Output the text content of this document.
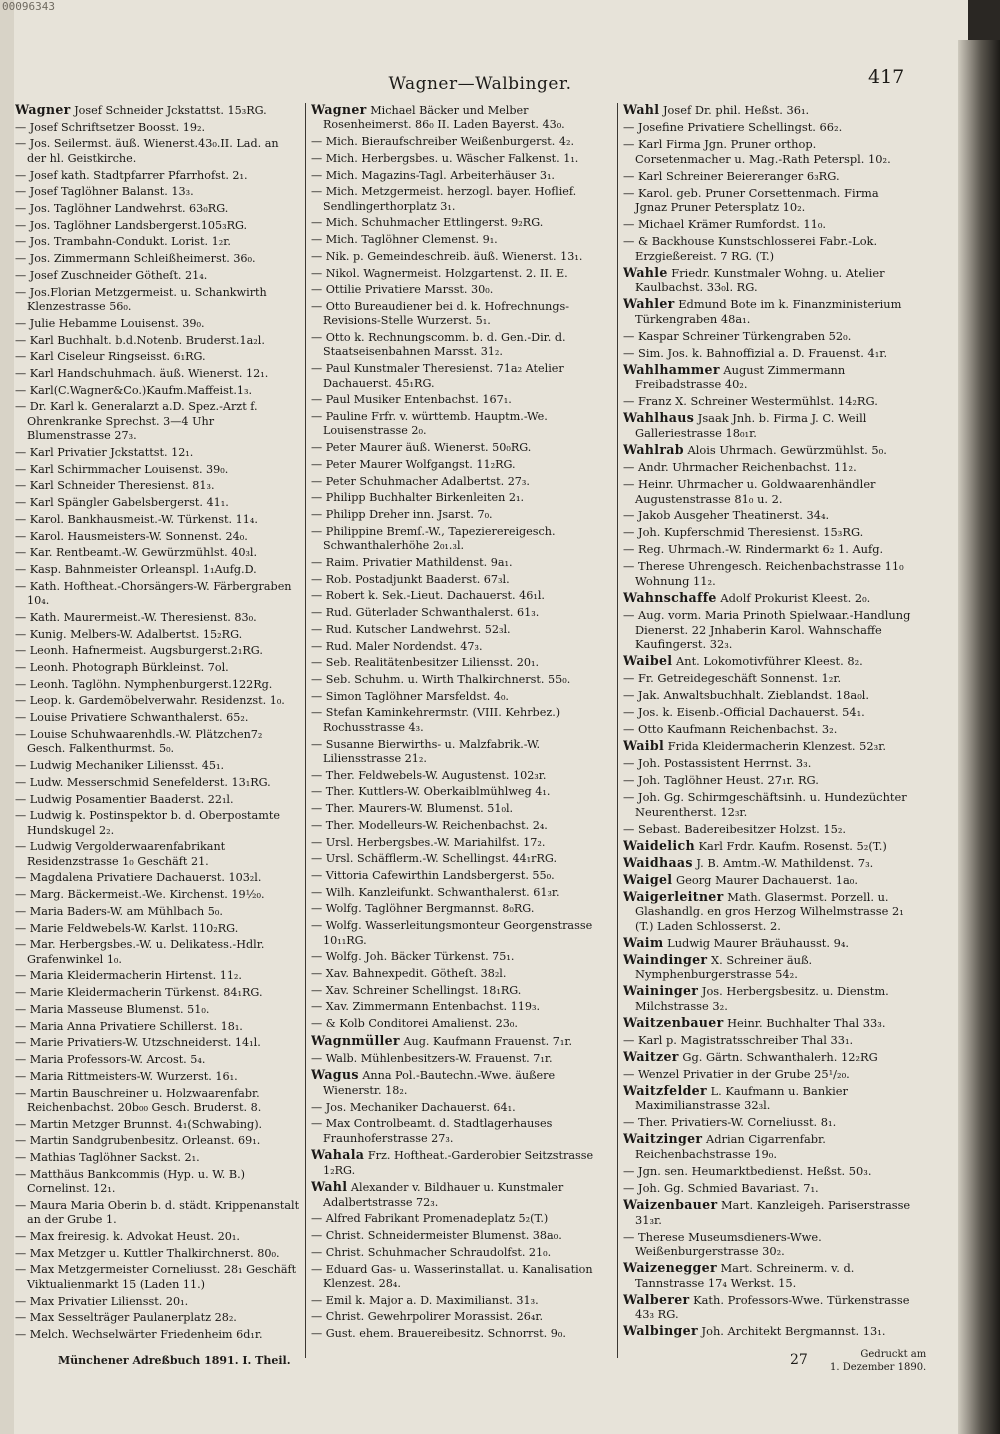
00096343
Wagner—Walbinger.	417
Wagner Josef Schneider Jckstattst. 15₃RG.
— Josef Schriftsetzer Boosst. 19₂.
— Jos. Seilermst. äuß. Wienerst.43₀.II. Lad. an der hl. Geistkirche.
— Josef kath. Stadtpfarrer Pfarrhofst. 2₁.
— Josef Taglöhner Balanst. 13₃.
— Jos. Taglöhner Landwehrst. 63₀RG.
— Jos. Taglöhner Landsbergerst.105₃RG.
— Jos. Trambahn-Condukt. Lorist. 1₂r.
— Jos. Zimmermann Schleißheimerst. 36₀.
— Josef Zuschneider Götheſt. 21₄.
— Jos.Florian Metzgermeist. u. Schankwirth Klenzestrasse 56₀.
— Julie Hebamme Louisenst. 39₀.
— Karl Buchhalt. b.d.Notenb. Bruderst.1a₂l.
— Karl Ciseleur Ringseisst. 6₁RG.
— Karl Handschuhmach. äuß. Wienerst. 12₁.
— Karl(C.Wagner&Co.)Kaufm.Maffeist.1₃.
— Dr. Karl k. Generalarzt a.D. Spez.-Arzt f. Ohrenkranke Sprechst. 3—4 Uhr Blumenstrasse 27₃.
— Karl Privatier Jckstattst. 12₁.
— Karl Schirmmacher Louisenst. 39₀.
— Karl Schneider Theresienst. 81₃.
— Karl Spängler Gabelsbergerst. 41₁.
— Karol. Bankhausmeist.-W. Türkenst. 11₄.
— Karol. Hausmeisters-W. Sonnenst. 24₀.
— Kar. Rentbeamt.-W. Gewürzmühlst. 40₃l.
— Kasp. Bahnmeister Orleanspl. 1₁Aufg.D.
— Kath. Hoftheat.-Chorsängers-W. Färbergraben 10₄.
— Kath. Maurermeist.-W. Theresienst. 83₀.
— Kunig. Melbers-W. Adalbertst. 15₂RG.
— Leonh. Hafnermeist. Augsburgerst.2₁RG.
— Leonh. Photograph Bürkleinst. 7ol.
— Leonh. Taglöhn. Nymphenburgerst.122Rg.
— Leop. k. Gardemöbelverwahr. Residenzst. 1₀.
— Louise Privatiere Schwanthalerst. 65₂.
— Louise Schuhwaarenhdls.-W. Plätzchen7₂ Gesch. Falkenthurmst. 5₀.
— Ludwig Mechaniker Liliensst. 45₁.
— Ludw. Messerschmid Senefelderst. 13₁RG.
— Ludwig Posamentier Baaderst. 22₁l.
— Ludwig k. Postinspektor b. d. Oberpostamte Hundskugel 2₂.
— Ludwig Vergolderwaarenfabrikant Residenzstrasse 1₀ Geschäft 21.
— Magdalena Privatiere Dachauerst. 103₂l.
— Marg. Bäckermeist.-We. Kirchenst. 19½₀.
— Maria Baders-W. am Mühlbach 5₀.
— Marie Feldwebels-W. Karlst. 110₂RG.
— Mar. Herbergsbes.-W. u. Delikatess.-Hdlr. Grafenwinkel 1₀.
— Maria Kleidermacherin Hirtenst. 11₂.
— Marie Kleidermacherin Türkenst. 84₁RG.
— Maria Masseuse Blumenst. 51₀.
— Maria Anna Privatiere Schillerst. 18₁.
— Marie Privatiers-W. Utzschneiderst. 14₁l.
— Maria Professors-W. Arcost. 5₄.
— Maria Rittmeisters-W. Wurzerst. 16₁.
— Martin Bauschreiner u. Holzwaarenfabr. Reichenbachst. 20b₀₀ Gesch. Bruderst. 8.
— Martin Metzger Brunnst. 4₁(Schwabing).
— Martin Sandgrubenbesitz. Orleanst. 69₁.
— Mathias Taglöhner Sackst. 2₁.
— Matthäus Bankcommis (Hyp. u. W. B.) Cornelinst. 12₁.
— Maura Maria Oberin b. d. städt. Krippenanstalt an der Grube 1.
— Max freiresig. k. Advokat Heust. 20₁.
— Max Metzger u. Kuttler Thalkirchnerst. 80₀.
— Max Metzgermeister Corneliusst. 28₁ Geschäft Viktualienmarkt 15 (Laden 11.)
— Max Privatier Liliensst. 20₁.
— Max Sesselträger Paulanerplatz 28₂.
— Melch. Wechselwärter Friedenheim 6d₁r.
Wagner Michael Bäcker und Melber Rosenheimerst. 86₀ II. Laden Bayerst. 43₀.
— Mich. Bieraufschreiber Weißenburgerst. 4₂.
— Mich. Herbergsbes. u. Wäscher Falkenst. 1₁.
— Mich. Magazins-Tagl. Arbeiterhäuser 3₁.
— Mich. Metzgermeist. herzogl. bayer. Hoflief. Sendlingerthorplatz 3₁.
— Mich. Schuhmacher Ettlingerst. 9₂RG.
— Mich. Taglöhner Clemenst. 9₁.
— Nik. p. Gemeindeschreib. äuß. Wienerst. 13₁.
— Nikol. Wagnermeist. Holzgartenst. 2. II. E.
— Ottilie Privatiere Marsst. 30₀.
— Otto Bureaudiener bei d. k. Hofrechnungs-Revisions-Stelle Wurzerst. 5₁.
— Otto k. Rechnungscomm. b. d. Gen.-Dir. d. Staatseisenbahnen Marsst. 31₂.
— Paul Kunstmaler Theresienst. 71a₂ Atelier Dachauerst. 45₁RG.
— Paul Musiker Entenbachst. 167₁.
— Pauline Frfr. v. württemb. Hauptm.-We. Louisenstrasse 2₀.
— Peter Maurer äuß. Wienerst. 50₀RG.
— Peter Maurer Wolfgangst. 11₂RG.
— Peter Schuhmacher Adalbertst. 27₃.
— Philipp Buchhalter Birkenleiten 2₁.
— Philipp Dreher inn. Jsarst. 7₀.
— Philippine Bremſ.-W., Tapezierereigesch. Schwanthalerhöhe 2₀₁.₃l.
— Raim. Privatier Mathildenst. 9a₁.
— Rob. Postadjunkt Baaderst. 67₃l.
— Robert k. Sek.-Lieut. Dachauerst. 46₁l.
— Rud. Güterlader Schwanthalerst. 61₃.
— Rud. Kutscher Landwehrst. 52₃l.
— Rud. Maler Nordendst. 47₃.
— Seb. Realitätenbesitzer Liliensst. 20₁.
— Seb. Schuhm. u. Wirth Thalkirchnerst. 55₀.
— Simon Taglöhner Marsfeldst. 4₀.
— Stefan Kaminkehrermstr. (VIII. Kehrbez.) Rochusstrasse 4₃.
— Susanne Bierwirths- u. Malzfabrik.-W. Liliensstrasse 21₂.
— Ther. Feldwebels-W. Augustenst. 102₃r.
— Ther. Kuttlers-W. Oberkaiblmühlweg 4₁.
— Ther. Maurers-W. Blumenst. 51₀l.
— Ther. Modelleurs-W. Reichenbachst. 2₄.
— Ursl. Herbergsbes.-W. Mariahilfst. 17₂.
— Ursl. Schäfflerm.-W. Schellingst. 44₁rRG.
— Vittoria Cafewirthin Landsbergerst. 55₀.
— Wilh. Kanzleifunkt. Schwanthalerst. 61₃r.
— Wolfg. Taglöhner Bergmannst. 8₀RG.
— Wolfg. Wasserleitungsmonteur Georgenstrasse 10₁₁RG.
— Wolfg. Joh. Bäcker Türkenst. 75₁.
— Xav. Bahnexpedit. Götheſt. 38₂l.
— Xav. Schreiner Schellingst. 18₁RG.
— Xav. Zimmermann Entenbachst. 119₃.
— & Kolb Conditorei Amalienst. 23₀.
Wagnmüller Aug. Kaufmann Frauenst. 7₁r.
— Walb. Mühlenbesitzers-W. Frauenst. 7₁r.
Wagus Anna Pol.-Bautechn.-Wwe. äußere Wienerstr. 18₂.
— Jos. Mechaniker Dachauerst. 64₁.
— Max Controlbeamt. d. Stadtlagerhauses Fraunhoferstrasse 27₃.
Wahala Frz. Hoftheat.-Garderobier Seitzstrasse 1₂RG.
Wahl Alexander v. Bildhauer u. Kunstmaler Adalbertstrasse 72₃.
— Alfred Fabrikant Promenadeplatz 5₂(T.)
— Christ. Schneidermeister Blumenst. 38a₀.
— Christ. Schuhmacher Schraudolfst. 21₀.
— Eduard Gas- u. Wasserinstallat. u. Kanalisation Klenzest. 28₄.
— Emil k. Major a. D. Maximilianst. 31₃.
— Christ. Gewehrpolirer Morassist. 26₄r.
— Gust. ehem. Brauereibesitz. Schnorrst. 9₀.
Wahl Josef Dr. phil. Heßst. 36₁.
— Josefine Privatiere Schellingst. 66₂.
— Karl Firma Jgn. Pruner orthop. Corsetenmacher u. Mag.-Rath Peterspl. 10₂.
— Karl Schreiner Beiereranger 6₃RG.
— Karol. geb. Pruner Corsettenmach. Firma Jgnaz Pruner Petersplatz 10₂.
— Michael Krämer Rumfordst. 11₀.
— & Backhouse Kunstschlosserei Fabr.-Lok. Erzgießereist. 7 RG. (T.)
Wahle Friedr. Kunstmaler Wohng. u. Atelier Kaulbachst. 33₀l. RG.
Wahler Edmund Bote im k. Finanzministerium Türkengraben 48a₁.
— Kaspar Schreiner Türkengraben 52₀.
— Sim. Jos. k. Bahnoffizial a. D. Frauenst. 4₁r.
Wahlhammer August Zimmermann Freibadstrasse 40₂.
— Franz X. Schreiner Westermühlst. 14₂RG.
Wahlhaus Jsaak Jnh. b. Firma J. C. Weill Galleriestrasse 18₀₁r.
Wahlrab Alois Uhrmach. Gewürzmühlst. 5₀.
— Andr. Uhrmacher Reichenbachst. 11₂.
— Heinr. Uhrmacher u. Goldwaarenhändler Augustenstrasse 81₀ u. 2.
— Jakob Ausgeher Theatinerst. 34₄.
— Joh. Kupferschmid Theresienst. 15₃RG.
— Reg. Uhrmach.-W. Rindermarkt 6₂ 1. Aufg.
— Therese Uhrengesch. Reichenbachstrasse 11₀ Wohnung 11₂.
Wahnschaffe Adolf Prokurist Kleest. 2₀.
— Aug. vorm. Maria Prinoth Spielwaar.-Handlung Dienerst. 22 Jnhaberin Karol. Wahnschaffe Kaufingerst. 32₃.
Waibel Ant. Lokomotivführer Kleest. 8₂.
— Fr. Getreidegeschäft Sonnenst. 1₂r.
— Jak. Anwaltsbuchhalt. Zieblandst. 18a₀l.
— Jos. k. Eisenb.-Official Dachauerst. 54₁.
— Otto Kaufmann Reichenbachst. 3₂.
Waibl Frida Kleidermacherin Klenzest. 52₃r.
— Joh. Postassistent Herrnst. 3₃.
— Joh. Taglöhner Heust. 27₁r. RG.
— Joh. Gg. Schirmgeschäftsinh. u. Hundezüchter Neurentherst. 12₃r.
— Sebast. Badereibesitzer Holzst. 15₂.
Waidelich Karl Frdr. Kaufm. Rosenst. 5₂(T.)
Waidhaas J. B. Amtm.-W. Mathildenst. 7₃.
Waigel Georg Maurer Dachauerst. 1a₀.
Waigerleitner Math. Glasermst. Porzell. u. Glashandlg. en gros Herzog Wilhelmstrasse 2₁ (T.) Laden Schlosserst. 2.
Waim Ludwig Maurer Bräuhausst. 9₄.
Waindinger X. Schreiner äuß. Nymphenburgerstrasse 54₂.
Waininger Jos. Herbergsbesitz. u. Dienstm. Milchstrasse 3₂.
Waitzenbauer Heinr. Buchhalter Thal 33₃.
— Karl p. Magistratsschreiber Thal 33₁.
Waitzer Gg. Gärtn. Schwanthalerh. 12₂RG
— Wenzel Privatier in der Grube 25¹/₂₀.
Waitzfelder L. Kaufmann u. Bankier Maximilianstrasse 32₃l.
— Ther. Privatiers-W. Corneliusst. 8₁.
Waitzinger Adrian Cigarrenfabr. Reichenbachstrasse 19₀.
— Jgn. sen. Heumarktbedienst. Heßst. 50₃.
— Joh. Gg. Schmied Bavariast. 7₁.
Waizenbauer Mart. Kanzleigeh. Pariserstrasse 31₃r.
— Therese Museumsdieners-Wwe. Weißenburgerstrasse 30₂.
Waizenegger Mart. Schreinerm. v. d. Tannstrasse 17₄ Werkst. 15.
Walberer Kath. Professors-Wwe. Türkenstrasse 43₃ RG.
Walbinger Joh. Architekt Bergmannst. 13₁.
Münchener Adreßbuch 1891. I. Theil.	27	Gedruckt am
1. Dezember 1890.
